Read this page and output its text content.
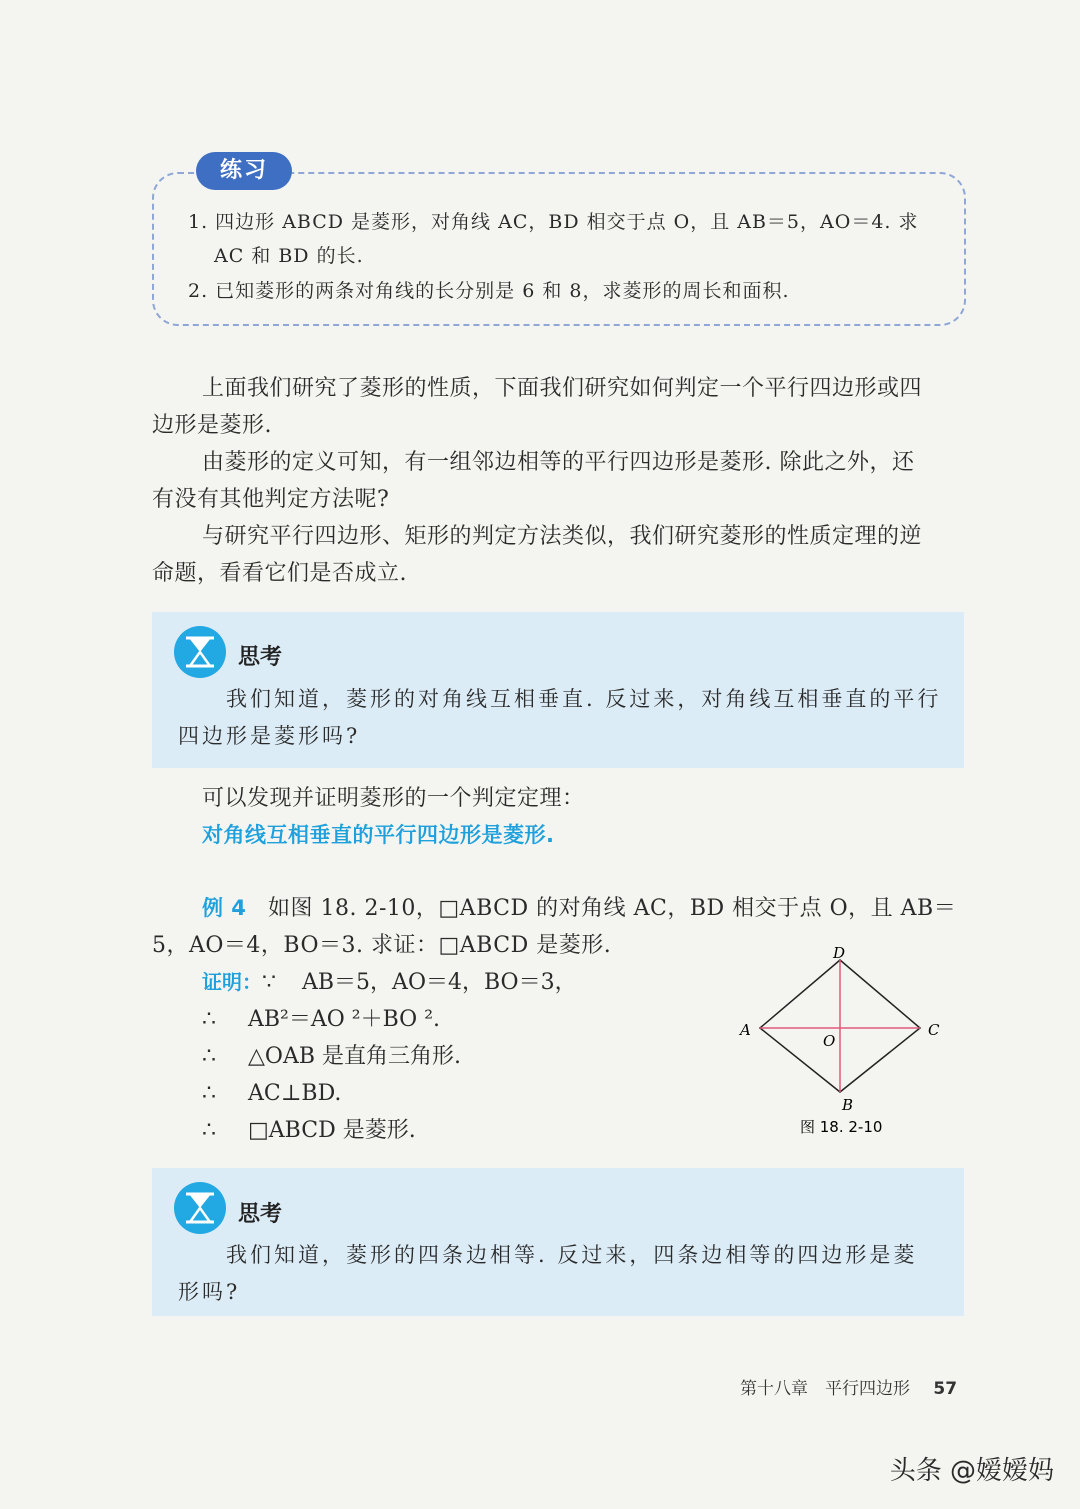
练习
1. 四边形 ABCD 是菱形，对角线 AC，BD 相交于点 O，且 AB＝5，AO＝4. 求
AC 和 BD 的长.
2. 已知菱形的两条对角线的长分别是 6 和 8，求菱形的周长和面积.
上面我们研究了菱形的性质，下面我们研究如何判定一个平行四边形或四
边形是菱形.
由菱形的定义可知，有一组邻边相等的平行四边形是菱形. 除此之外，还
有没有其他判定方法呢?
与研究平行四边形、矩形的判定方法类似，我们研究菱形的性质定理的逆
命题，看看它们是否成立.
思考
我们知道，菱形的对角线互相垂直. 反过来，对角线互相垂直的平行
四边形是菱形吗?
可以发现并证明菱形的一个判定定理：
对角线互相垂直的平行四边形是菱形.
例 4 如图 18. 2-10，□ABCD 的对角线 AC，BD 相交于点 O，且 AB＝
5，AO＝4，BO＝3. 求证：□ABCD 是菱形.
证明：∵ AB＝5，AO＝4，BO＝3，
∴ AB²＝AO ²＋BO ².
∴ △OAB 是直角三角形.
∴ AC⊥BD.
∴ □ABCD 是菱形.
D
A	C
O
B
图 18. 2-10
思考
我们知道，菱形的四条边相等. 反过来，四条边相等的四边形是菱
形吗?
第十八章　平行四边形 57
头条 @嫒嫒妈
